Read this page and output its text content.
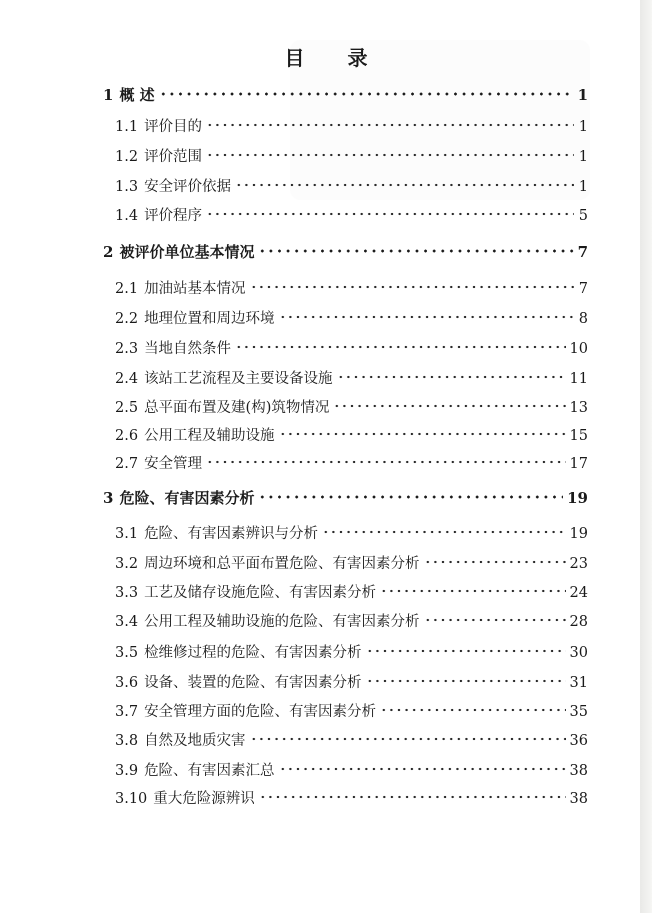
目 录
1 概 述	1
1.1 评价目的	1
1.2 评价范围	1
1.3 安全评价依据	1
1.4 评价程序	5
2 被评价单位基本情况	7
2.1 加油站基本情况	7
2.2 地理位置和周边环境	8
2.3 当地自然条件	10
2.4 该站工艺流程及主要设备设施	11
2.5 总平面布置及建(构)筑物情况	13
2.6 公用工程及辅助设施	15
2.7 安全管理	17
3 危险、有害因素分析	19
3.1 危险、有害因素辨识与分析	19
3.2 周边环境和总平面布置危险、有害因素分析	23
3.3 工艺及储存设施危险、有害因素分析	24
3.4 公用工程及辅助设施的危险、有害因素分析	28
3.5 检维修过程的危险、有害因素分析	30
3.6 设备、装置的危险、有害因素分析	31
3.7 安全管理方面的危险、有害因素分析	35
3.8 自然及地质灾害	36
3.9 危险、有害因素汇总	38
3.10 重大危险源辨识	38
